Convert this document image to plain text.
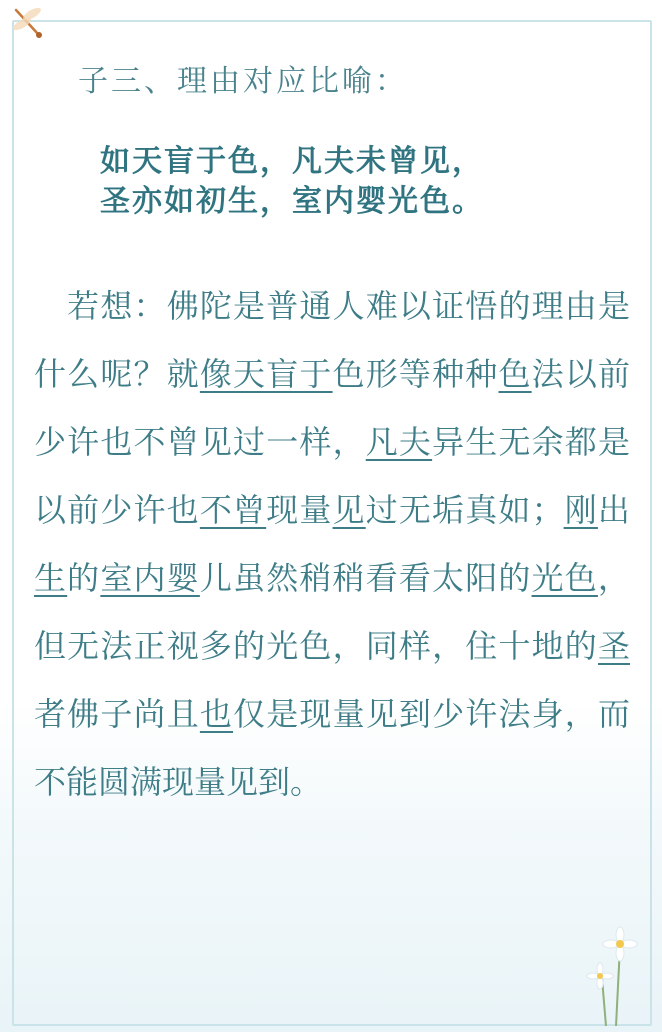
子三、理由对应比喻：
如天盲于色，凡夫未曾见，
圣亦如初生，室内婴光色。
　若想：佛陀是普通人难以证悟的理由是什么呢？就像天盲于色形等种种色法以前少许也不曾见过一样，凡夫异生无余都是以前少许也不曾现量见过无垢真如；刚出生的室内婴儿虽然稍稍看看太阳的光色，但无法正视多的光色，同样，住十地的圣者佛子尚且也仅是现量见到少许法身，而不能圆满现量见到。
